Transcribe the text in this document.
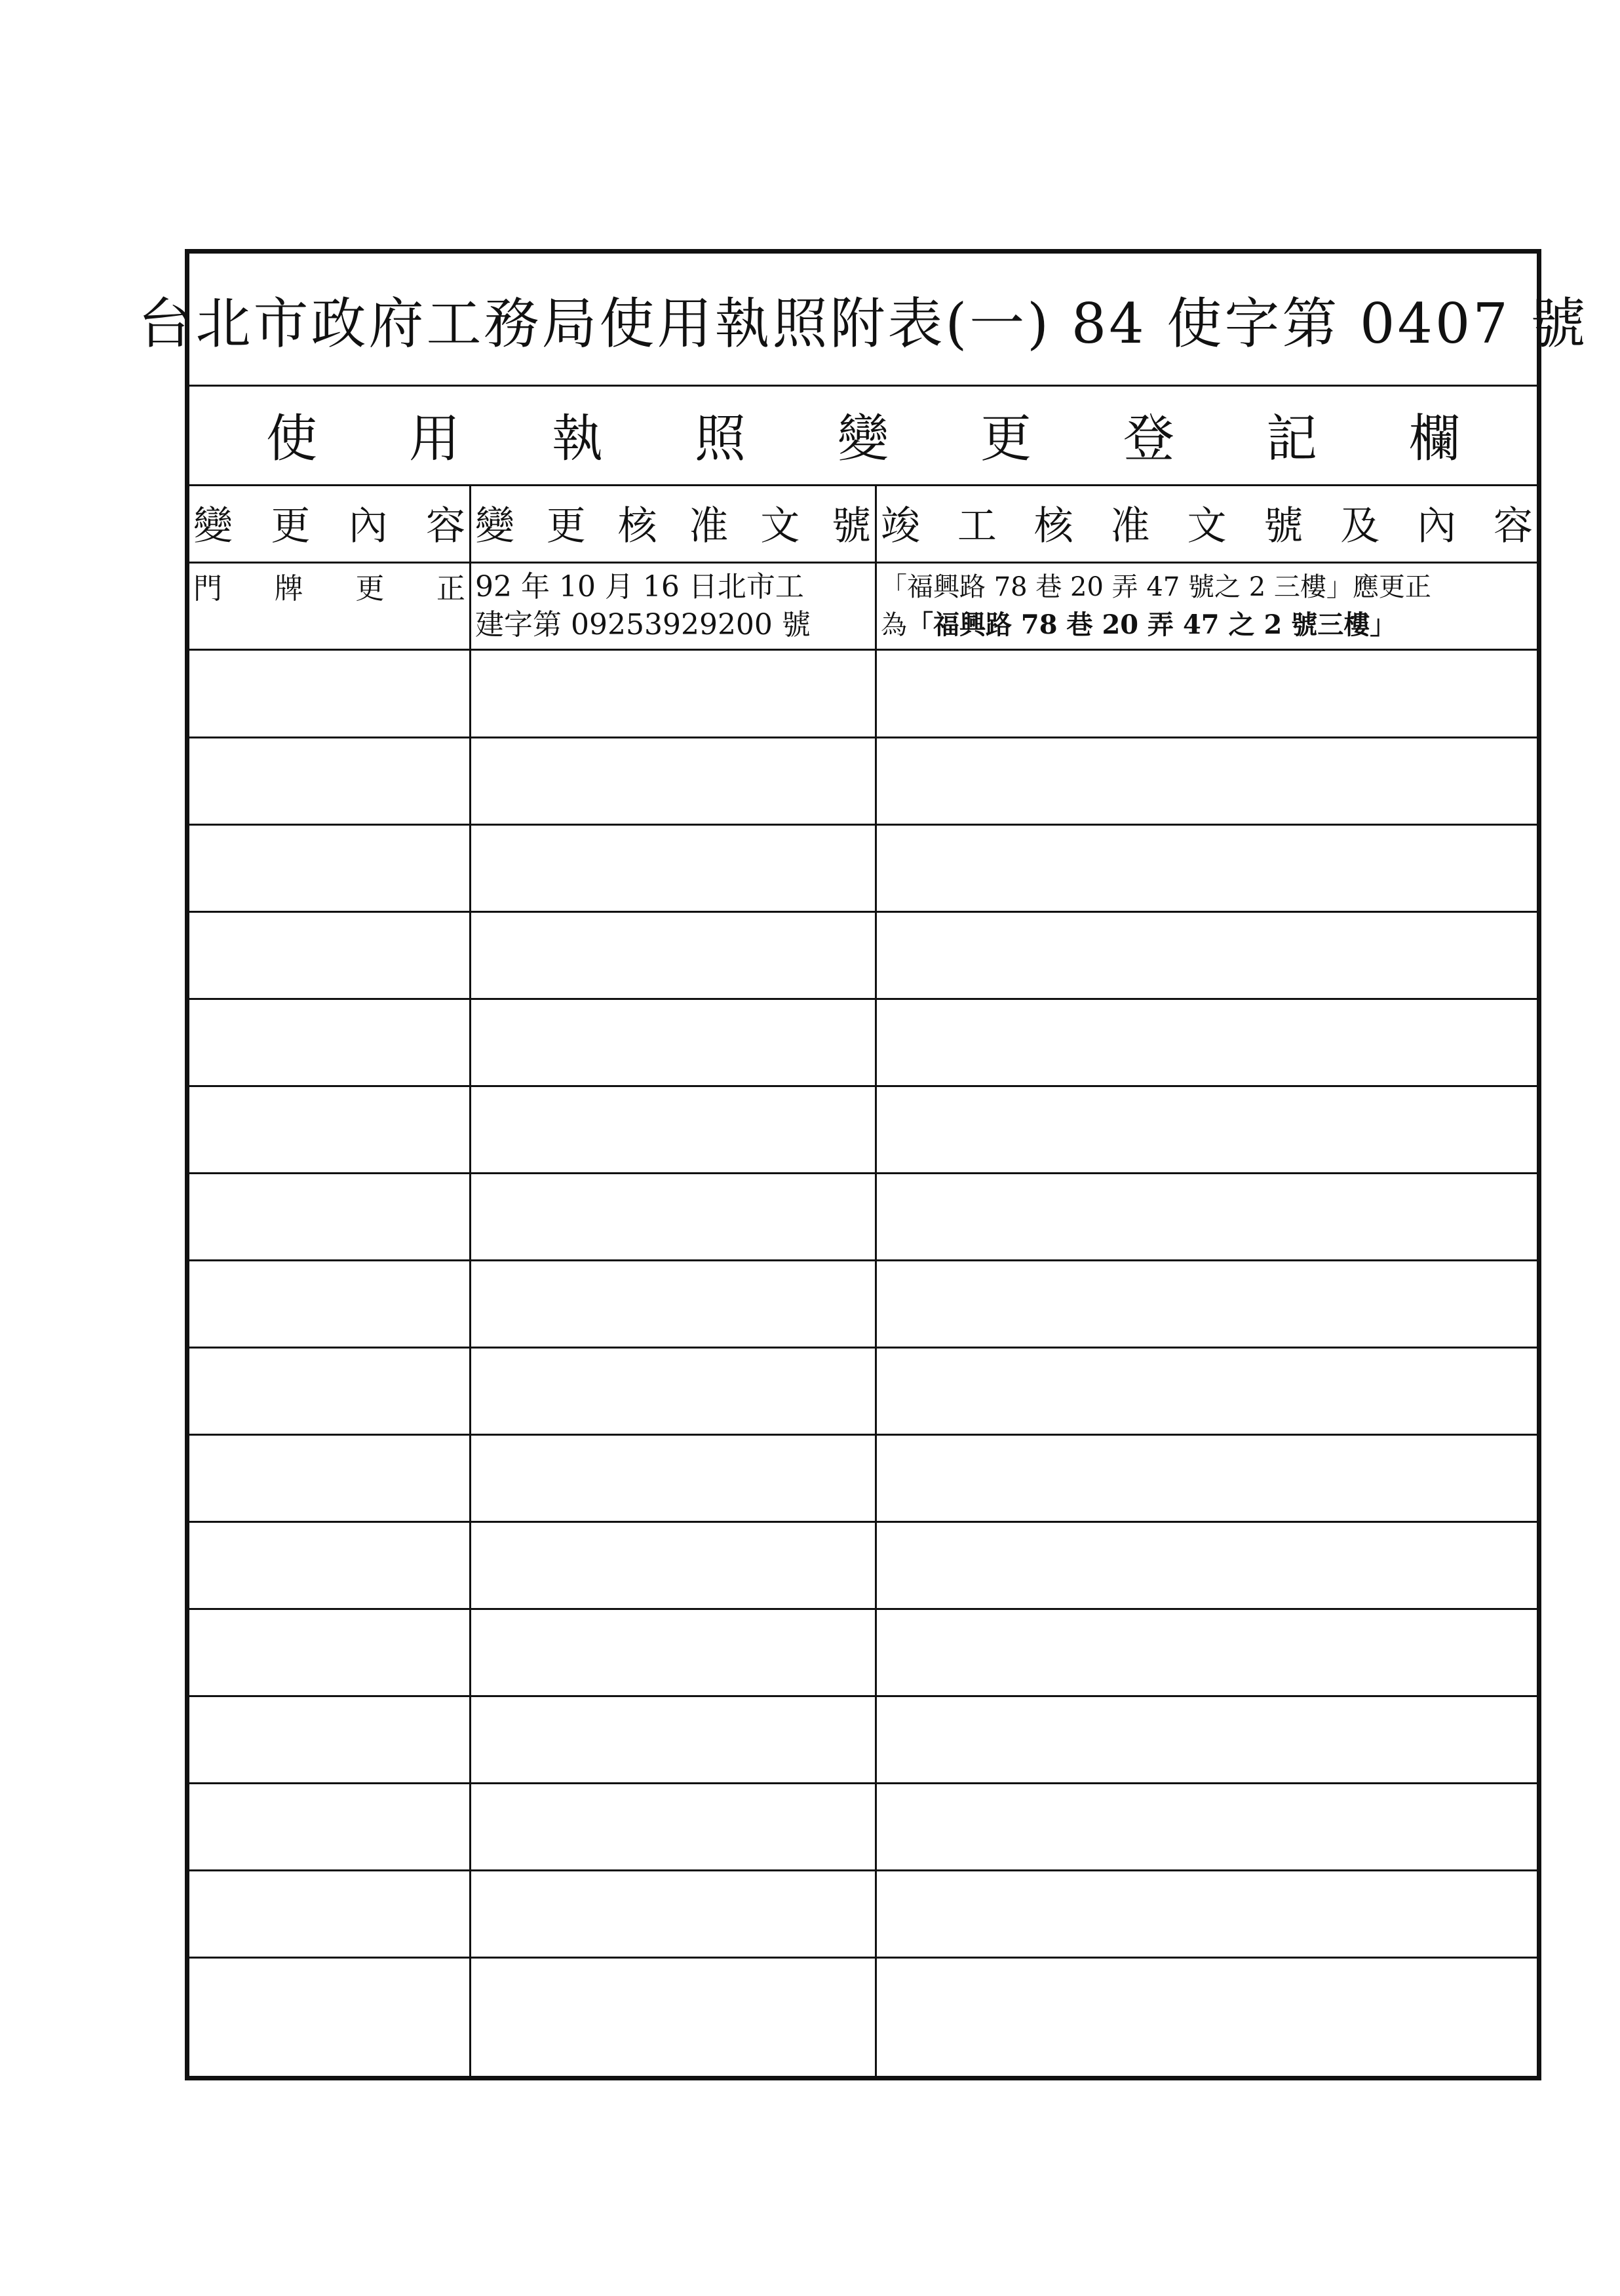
台北市政府工務局使用執照附表(一) 84 使字第 0407 號
使用執照變更登記欄
變 更 內 容 變 更 核 准 文 號 竣 工 核 准 文 號 及 內 容
門 牌 更 正 92 年 10 月 16 日北市工
建字第 09253929200 號
「福興路 78 巷 20 弄 47 號之 2 三樓」應更正
為 「福興路 78 巷 20 弄 47 之 2 號三樓」
